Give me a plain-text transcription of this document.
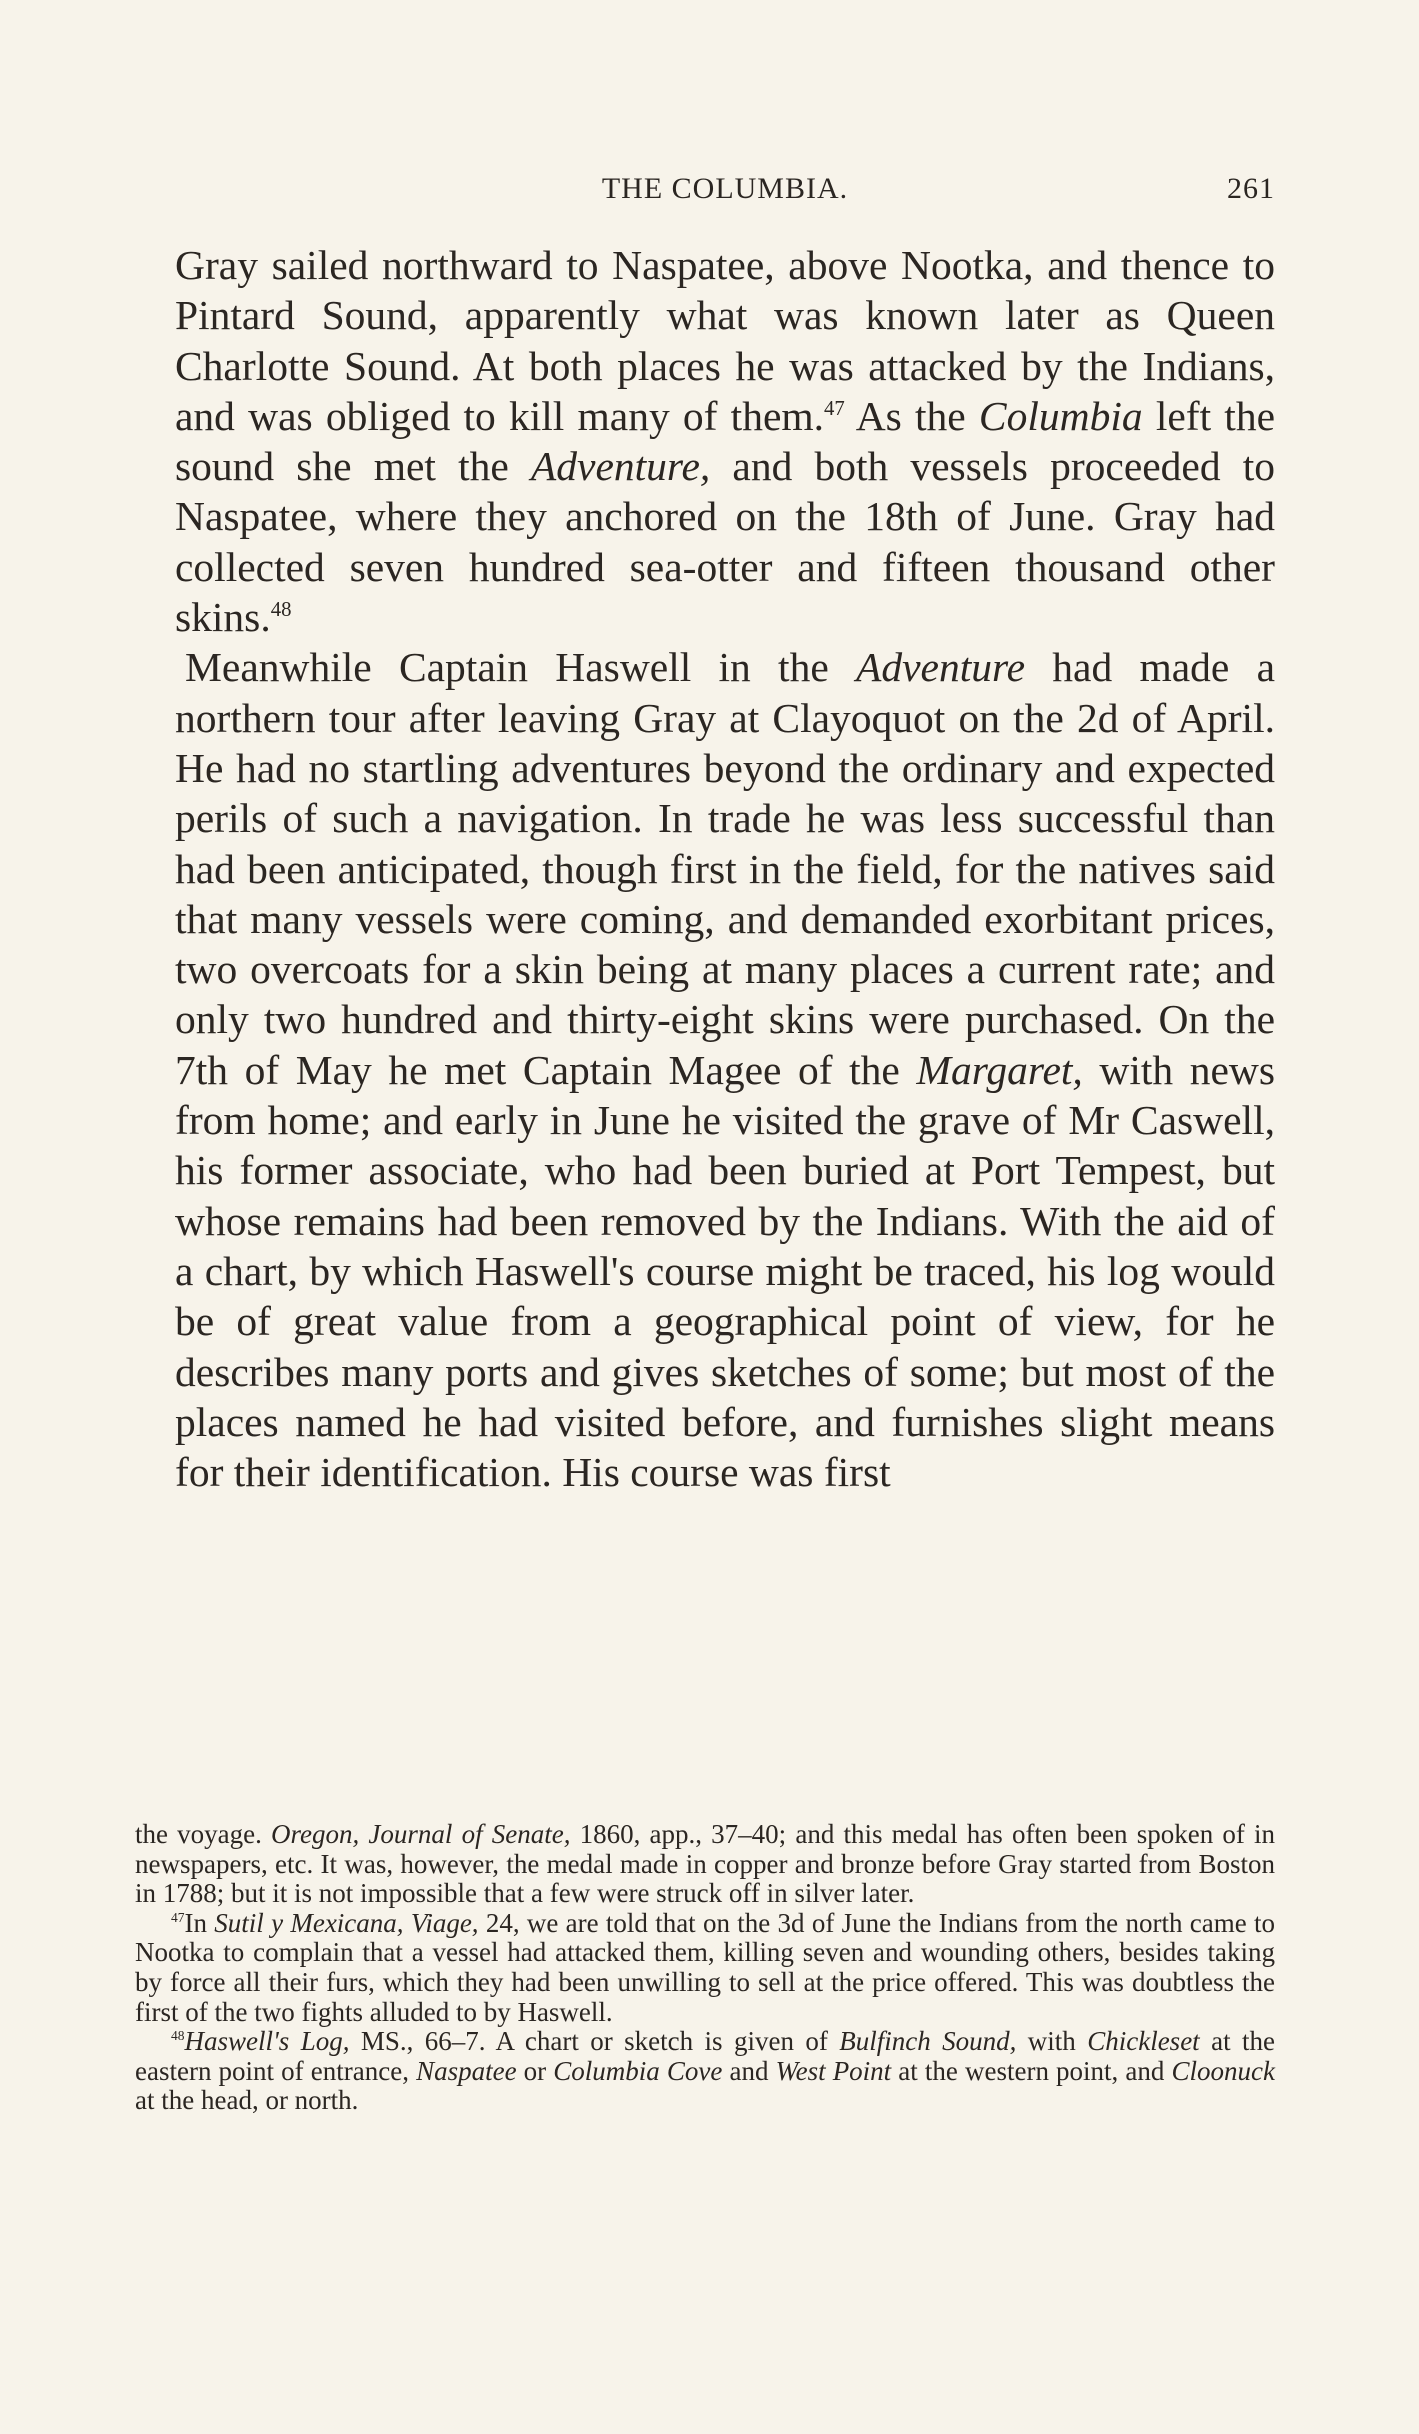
THE COLUMBIA.	261

Gray sailed northward to Naspatee, above Nootka, and thence to Pintard Sound, apparently what was known later as Queen Charlotte Sound. At both places he was attacked by the Indians, and was obliged to kill many of them.$^{47}$ As the Columbia left the sound she met the Adventure, and both vessels proceeded to Naspatee, where they anchored on the 18th of June. Gray had collected seven hundred sea-otter and fifteen thousand other skins.$^{48}$

Meanwhile Captain Haswell in the Adventure had made a northern tour after leaving Gray at Clayoquot on the 2d of April. He had no startling adventures beyond the ordinary and expected perils of such a navigation. In trade he was less successful than had been anticipated, though first in the field, for the natives said that many vessels were coming, and demanded exorbitant prices, two overcoats for a skin being at many places a current rate; and only two hundred and thirty-eight skins were purchased. On the 7th of May he met Captain Magee of the Margaret, with news from home; and early in June he visited the grave of Mr Caswell, his former associate, who had been buried at Port Tempest, but whose remains had been removed by the Indians. With the aid of a chart, by which Haswell's course might be traced, his log would be of great value from a geographical point of view, for he describes many ports and gives sketches of some; but most of the places named he had visited before, and furnishes slight means for their identification. His course was first

the voyage. Oregon, Journal of Senate, 1860, app., 37–40; and this medal has often been spoken of in newspapers, etc. It was, however, the medal made in copper and bronze before Gray started from Boston in 1788; but it is not impossible that a few were struck off in silver later.

$^{47}$In Sutil y Mexicana, Viage, 24, we are told that on the 3d of June the Indians from the north came to Nootka to complain that a vessel had attacked them, killing seven and wounding others, besides taking by force all their furs, which they had been unwilling to sell at the price offered. This was doubtless the first of the two fights alluded to by Haswell.

$^{48}$Haswell's Log, MS., 66–7. A chart or sketch is given of Bulfinch Sound, with Chickleset at the eastern point of entrance, Naspatee or Columbia Cove and West Point at the western point, and Cloonuck at the head, or north.
